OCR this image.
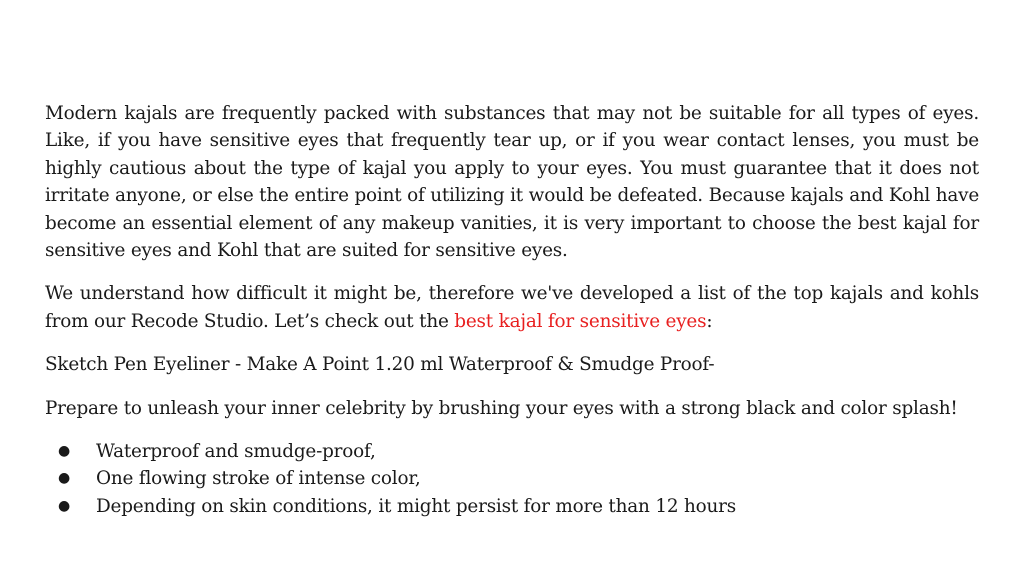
Modern kajals are frequently packed with substances that may not be suitable for all types of eyes. Like, if you have sensitive eyes that frequently tear up, or if you wear contact lenses, you must be highly cautious about the type of kajal you apply to your eyes. You must guarantee that it does not irritate anyone, or else the entire point of utilizing it would be defeated. Because kajals and Kohl have become an essential element of any makeup vanities, it is very important to choose the best kajal for sensitive eyes and Kohl that are suited for sensitive eyes.

We understand how difficult it might be, therefore we've developed a list of the top kajals and kohls from our Recode Studio. Let’s check out the best kajal for sensitive eyes:

Sketch Pen Eyeliner - Make A Point 1.20 ml Waterproof & Smudge Proof-

Prepare to unleash your inner celebrity by brushing your eyes with a strong black and color splash!

● Waterproof and smudge-proof,
● One flowing stroke of intense color,
● Depending on skin conditions, it might persist for more than 12 hours
